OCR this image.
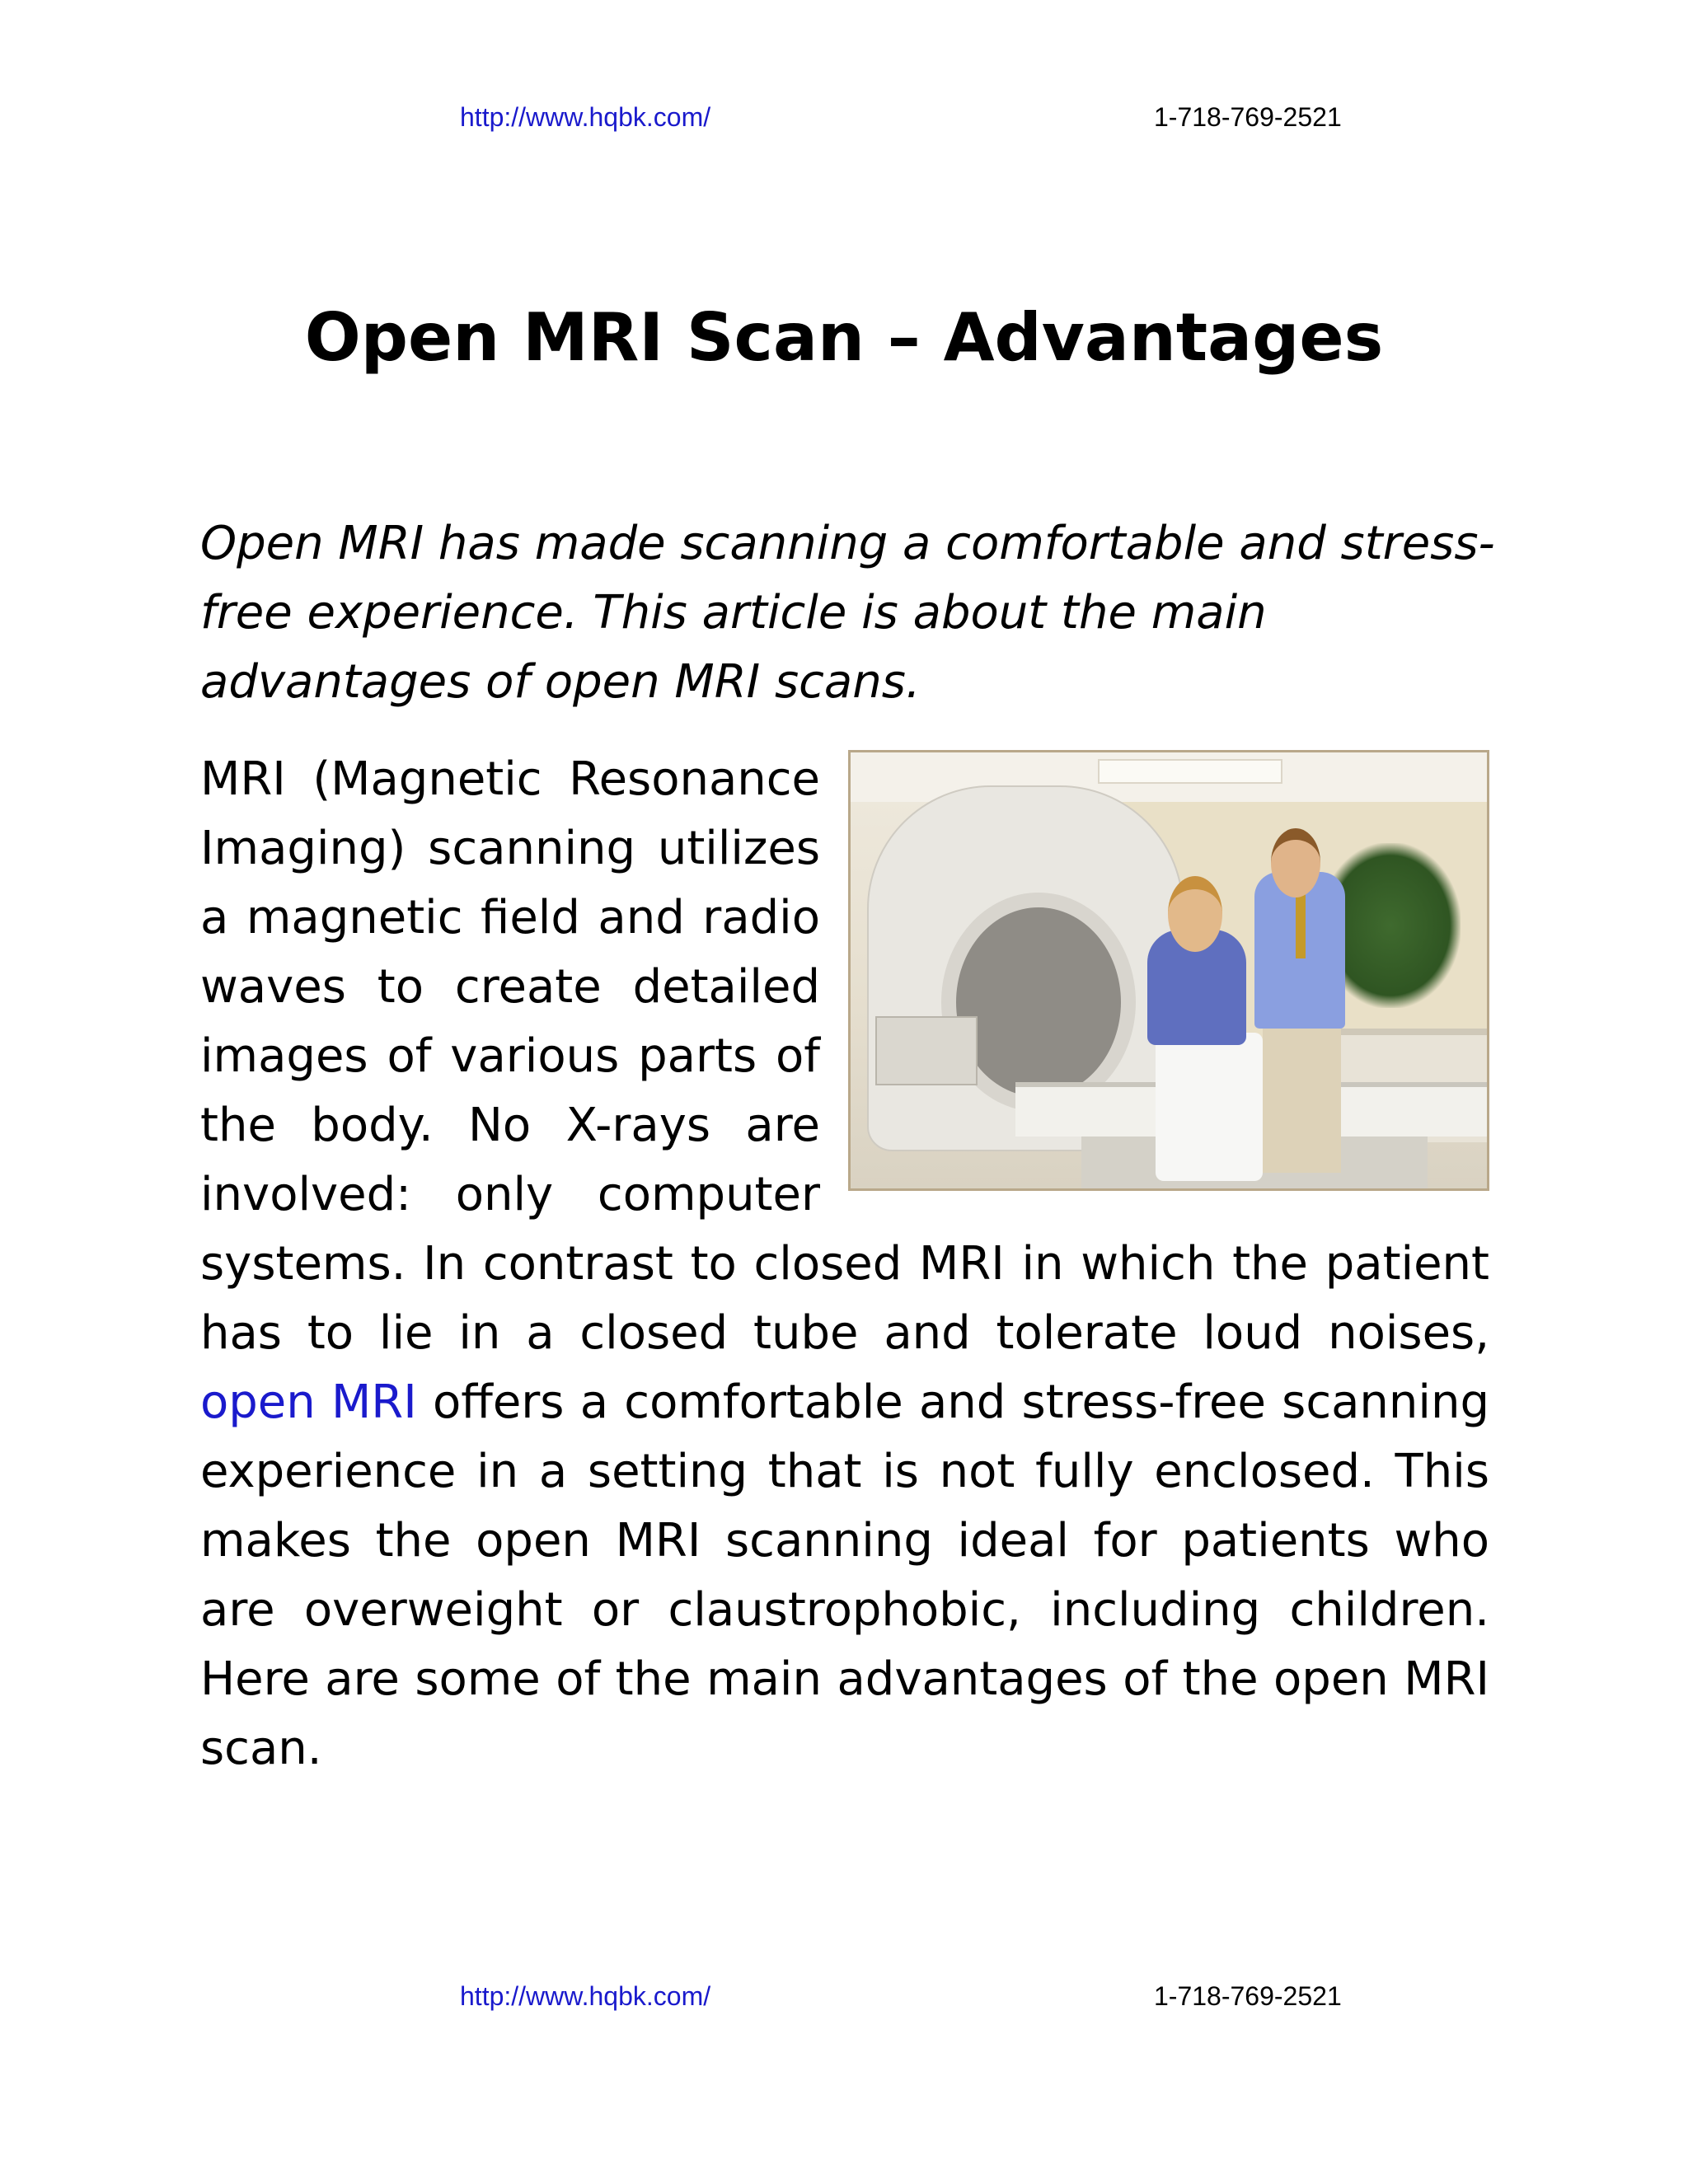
http://www.hqbk.com/	1-718-769-2521
Open MRI Scan – Advantages

Open MRI has made scanning a comfortable and stress-free experience. This article is about the main advantages of open MRI scans.

MRI (Magnetic Resonance Imaging) scanning utilizes a magnetic field and radio waves to create detailed images of various parts of the body. No X-rays are involved: only computer systems. In contrast to closed MRI in which the patient has to lie in a closed tube and tolerate loud noises, open MRI offers a comfortable and stress-free scanning experience in a setting that is not fully enclosed. This makes the open MRI scanning ideal for patients who are overweight or claustrophobic, including children. Here are some of the main advantages of the open MRI scan.

http://www.hqbk.com/	1-718-769-2521
